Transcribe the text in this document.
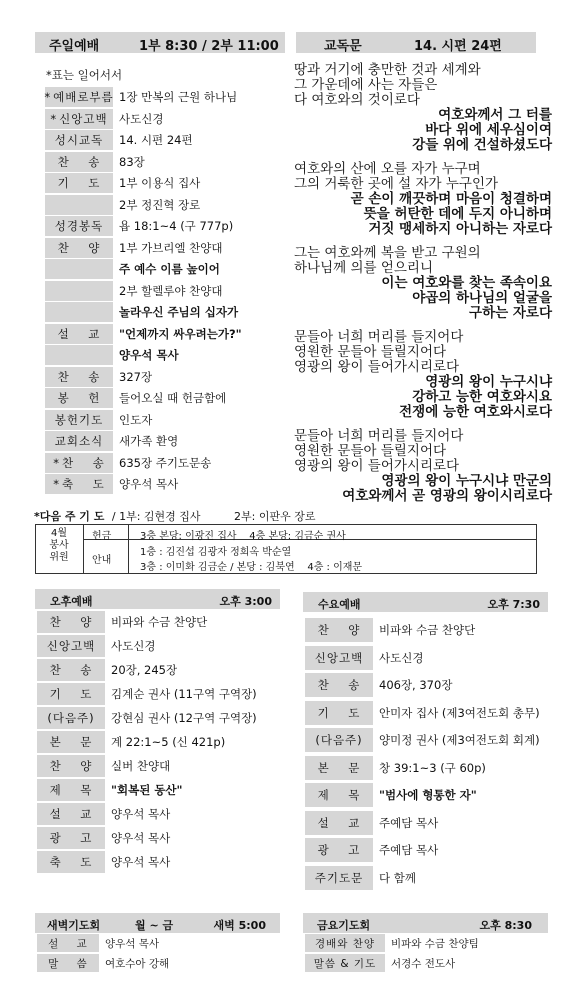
주일예배	1부 8:30 / 2부 11:00
*표는 일어서서
* 예배로부름 1장 만복의 근원 하나님
* 신앙고백 사도신경
성시교독	14. 시편 24편
찬    송	83장
기    도	1부 이용식 집사
2부 정진혁 장로
성경봉독	욥 18:1~4 (구 777p)
찬    양	1부 가브리엘 찬양대
주 예수 이름 높이어
2부 할렐루야 찬양대
놀라우신 주님의 십자가
설    교	"언제까지 싸우려는가?"
양우석 목사
찬    송	327장
봉    헌	들어오실 때 헌금함에
봉헌기도	인도자
교회소식	새가족 환영
* 찬    송	635장 주기도문송
* 축    도	양우석 목사
교독문	14. 시편 24편
땅과 거기에 충만한 것과 세계와
그 가운데에 사는 자들은
다 여호와의 것이로다
여호와께서 그 터를
바다 위에 세우심이여
강들 위에 건설하셨도다
여호와의 산에 오를 자가 누구며
그의 거룩한 곳에 설 자가 누구인가
곧 손이 깨끗하며 마음이 청결하며
뜻을 허탄한 데에 두지 아니하며
거짓 맹세하지 아니하는 자로다
그는 여호와께 복을 받고 구원의
하나님께 의를 얻으리니
이는 여호와를 찾는 족속이요
야곱의 하나님의 얼굴을
구하는 자로다
문들아 너희 머리를 들지어다
영원한 문들아 들릴지어다
영광의 왕이 들어가시리로다
영광의 왕이 누구시냐
강하고 능한 여호와시요
전쟁에 능한 여호와시로다
문들아 너희 머리를 들지어다
영원한 문들아 들릴지어다
영광의 왕이 들어가시리로다
영광의 왕이 누구시냐 만군의
여호와께서 곧 영광의 왕이시리로다
*다음 주 기 도 / 1부: 김현경 집사	2부: 이판우 장로
4월
봉사
위원
헌금	3층 본당: 이광진 집사    4층 본당: 김금순 권사
안내
1층 : 김진섭 김광자 정희옥 박순열
3층 : 이미화 김금순 / 본당 : 김북연    4층 : 이재문
오후예배	오후 3:00
찬    양	비파와 수금 찬양단
신앙고백	사도신경
찬    송	20장, 245장
기    도	김계순 권사 (11구역 구역장)
(다음주)	강현심 권사 (12구역 구역장)
본    문	계 22:1~5 (신 421p)
찬    양	실버 찬양대
제    목	"회복된 동산"
설    교	양우석 목사
광    고	양우석 목사
축    도	양우석 목사
수요예배	오후 7:30
찬    양	비파와 수금 찬양단
신앙고백	사도신경
찬    송	406장, 370장
기    도	안미자 집사 (제3여전도회 총무)
(다음주)	양미정 권사 (제3여전도회 회계)
본    문	창 39:1~3 (구 60p)
제    목	"범사에 형통한 자"
설    교	주예담 목사
광    고	주예담 목사
주기도문	다 함께
새벽기도회	월 ~ 금	새벽 5:00
설    교	양우석 목사
말    씀	여호수아 강해
금요기도회	오후 8:30
경배와 찬양	비파와 수금 찬양팀
말씀 & 기도	서경수 전도사
